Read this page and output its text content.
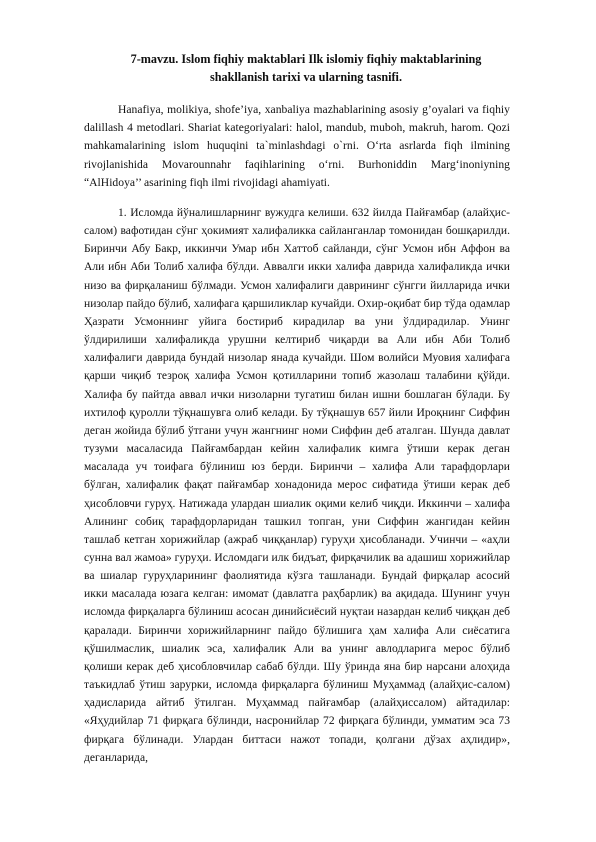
7-mavzu. Islom fiqhiy maktablari Ilk islomiy fiqhiy maktablarining
shakllanish tarixi va ularning tasnifi.

Hanafiya, molikiya, shofe’iya, xanbaliya mazhablarining asosiy g’oyalari va fiqhiy dalillash 4 metodlari. Shariat kategoriyalari: halol, mandub, muboh, makruh, harom. Qozi mahkamalarining islom huquqini ta`minlashdagi o`rni. O‘rta asrlarda fiqh ilmining rivojlanishida Movarounnahr faqihlarining o‘rni. Burhoniddin Marg‘inoniyning “AlHidoya’’ asarining fiqh ilmi rivojidagi ahamiyati.

1. Исломда йўналишларнинг вужудга келиши. 632 йилда Пайғамбар (алайҳис-салом) вафотидан сўнг ҳокимият халифаликка сайланганлар томонидан бошқарилди. Биринчи Абу Бакр, иккинчи Умар ибн Хаттоб сайланди, сўнг Усмон ибн Аффон ва Али ибн Аби Толиб халифа бўлди. Аввалги икки халифа даврида халифаликда ички низо ва фирқаланиш бўлмади. Усмон халифалиги даврининг сўнгги йилларида ички низолар пайдо бўлиб, халифага қаршиликлар кучайди. Охир-оқибат бир тўда одамлар Ҳазрати Усмоннинг уйига бостириб кирадилар ва уни ўлдирадилар. Унинг ўлдирилиши халифаликда урушни келтириб чиқарди ва Али ибн Аби Толиб халифалиги даврида бундай низолар янада кучайди. Шом волийси Муовия халифага қарши чиқиб тезроқ халифа Усмон қотилларини топиб жазолаш талабини қўйди. Халифа бу пайтда аввал ички низоларни тугатиш билан ишни бошлаган бўлади. Бу ихтилоф қуролли тўқнашувга олиб келади. Бу тўқнашув 657 йили Ироқнинг Сиффин деган жойида бўлиб ўтгани учун жангнинг номи Сиффин деб аталган. Шунда давлат тузуми масаласида Пайғамбардан кейин халифалик кимга ўтиши керак деган масалада уч тоифага бўлиниш юз берди. Биринчи – халифа Али тарафдорлари бўлган, халифалик фақат пайғамбар хонадонида мерос сифатида ўтиши керак деб ҳисобловчи гуруҳ. Натижада улардан шиалик оқими келиб чиқди. Иккинчи – халифа Алининг собиқ тарафдорларидан ташкил топган, уни Сиффин жангидан кейин ташлаб кетган хорижийлар (ажраб чиққанлар) гуруҳи ҳисобланади. Учинчи – «аҳли сунна вал жамоа» гуруҳи. Исломдаги илк бидъат, фирқачилик ва адашиш хорижийлар ва шиалар гуруҳларининг фаолиятида кўзга ташланади. Бундай фирқалар асосий икки масалада юзага келган: имомат (давлатга раҳбарлик) ва ақидада. Шунинг учун исломда фирқаларга бўлиниш асосан динийсиёсий нуқтаи назардан келиб чиққан деб қаралади. Биринчи хорижийларнинг пайдо бўлишига ҳам халифа Али сиёсатига қўшилмаслик, шиалик эса, халифалик Али ва унинг авлодларига мерос бўлиб қолиши керак деб ҳисобловчилар сабаб бўлди. Шу ўринда яна бир нарсани алоҳида таъкидлаб ўтиш зарурки, исломда фирқаларга бўлиниш Муҳаммад (алайҳис-салом) ҳадисларида айтиб ўтилган. Муҳаммад пайғамбар (алайҳиссалом) айтадилар: «Яҳудийлар 71 фирқага бўлинди, насронийлар 72 фирқага бўлинди, умматим эса 73 фирқага бўлинади. Улардан биттаси нажот топади, қолгани дўзах аҳлидир», деганларида,
